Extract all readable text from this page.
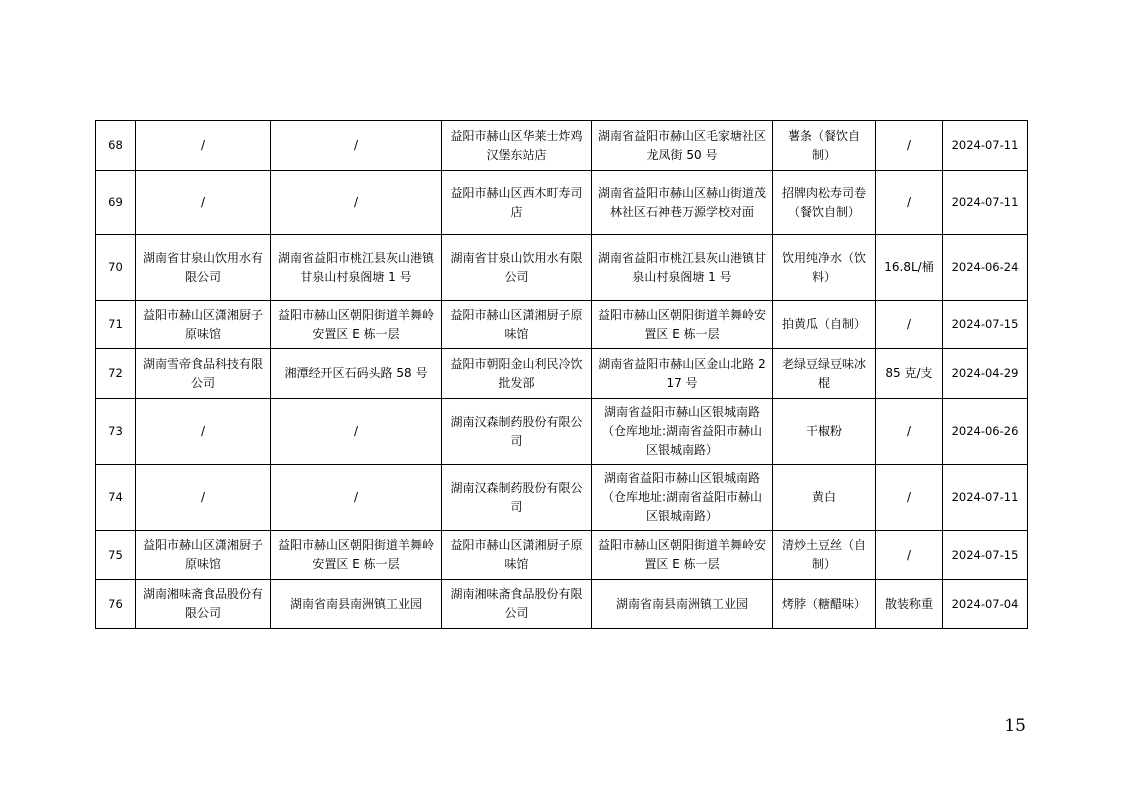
68	/	/	益阳市赫山区华莱士炸鸡汉堡东站店	湖南省益阳市赫山区毛家塘社区龙凤街 50 号	薯条（餐饮自制）	/	2024-07-11
69	/	/	益阳市赫山区西木町寿司店	湖南省益阳市赫山区赫山街道茂林社区石神巷万源学校对面	招牌肉松寿司卷（餐饮自制）	/	2024-07-11
70	湖南省甘泉山饮用水有限公司	湖南省益阳市桃江县灰山港镇甘泉山村泉阁塘 1 号	湖南省甘泉山饮用水有限公司	湖南省益阳市桃江县灰山港镇甘泉山村泉阁塘 1 号	饮用纯净水（饮料）	16.8L/桶	2024-06-24
71	益阳市赫山区潇湘厨子原味馆	益阳市赫山区朝阳街道羊舞岭安置区 E 栋一层	益阳市赫山区潇湘厨子原味馆	益阳市赫山区朝阳街道羊舞岭安置区 E 栋一层	拍黄瓜（自制）	/	2024-07-15
72	湖南雪帝食品科技有限公司	湘潭经开区石码头路 58 号	益阳市朝阳金山利民冷饮批发部	湖南省益阳市赫山区金山北路 217 号	老绿豆绿豆味冰棍	85 克/支	2024-04-29
73	/	/	湖南汉森制药股份有限公司	湖南省益阳市赫山区银城南路（仓库地址:湖南省益阳市赫山区银城南路）	干椒粉	/	2024-06-26
74	/	/	湖南汉森制药股份有限公司	湖南省益阳市赫山区银城南路（仓库地址:湖南省益阳市赫山区银城南路）	黄白	/	2024-07-11
75	益阳市赫山区潇湘厨子原味馆	益阳市赫山区朝阳街道羊舞岭安置区 E 栋一层	益阳市赫山区潇湘厨子原味馆	益阳市赫山区朝阳街道羊舞岭安置区 E 栋一层	清炒土豆丝（自制）	/	2024-07-15
76	湖南湘味斋食品股份有限公司	湖南省南县南洲镇工业园	湖南湘味斋食品股份有限公司	湖南省南县南洲镇工业园	烤脖（糖醋味）	散装称重	2024-07-04
15
